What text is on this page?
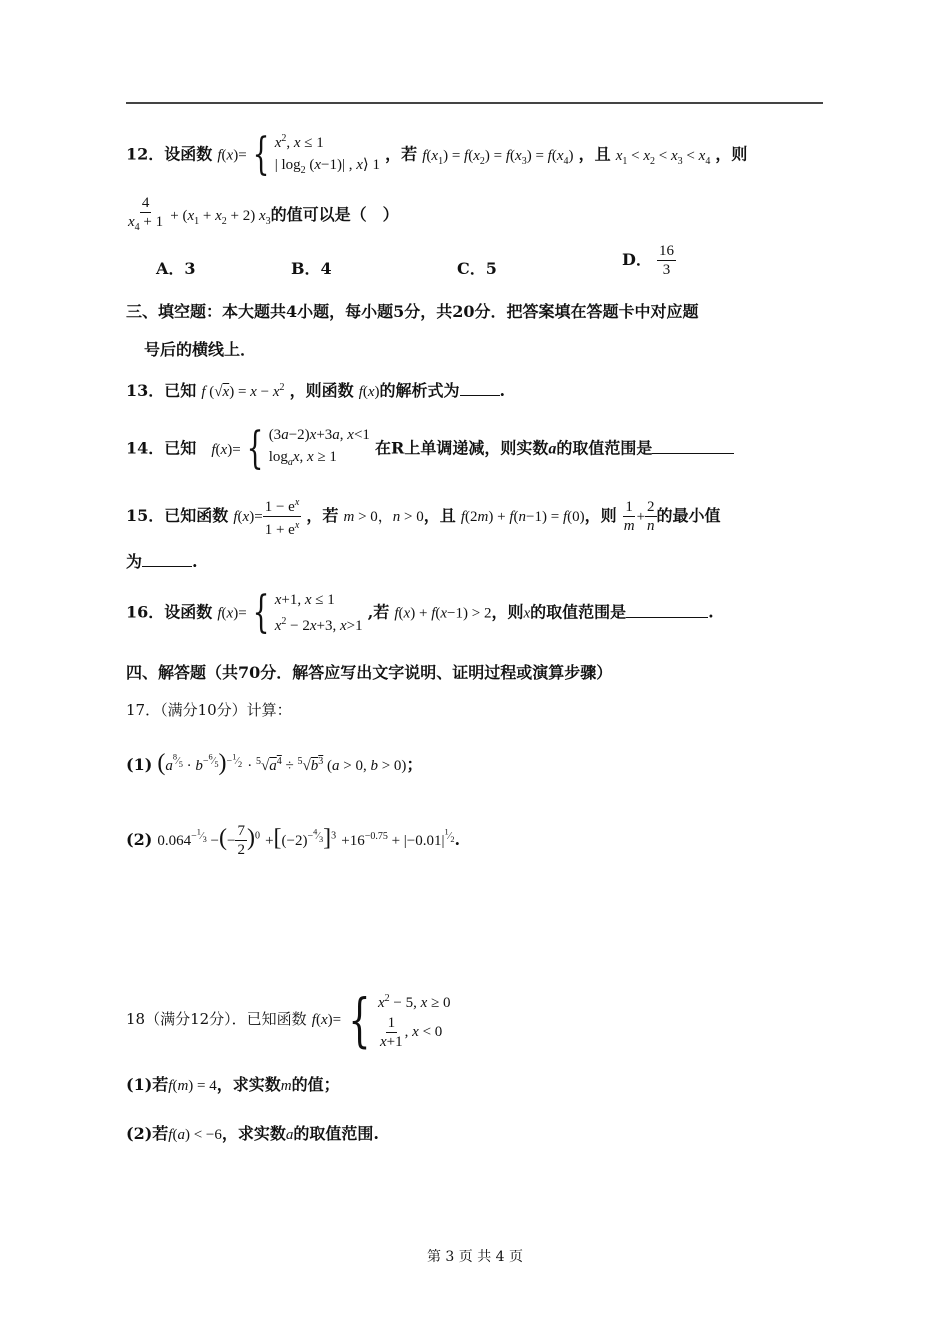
12．设函数 f(x)= { $x^2$, x ≤ 1
| $\log_2 (x-1)|$ , x⟩ 1
，若 $f(x_1) = f(x_2) = f(x_3) = f(x_4)$ ，且 $x_1 < x_2 < x_3 < x_4$ ，则
$\frac{4}{x_4 + 1} + (x_1 + x_2 + 2)$ $x_3$的值可以是（　）
A．3	B．4	C．5	D． $\frac{16}{3}$
三、填空题：本大题共4小题，每小题5分，共20分．把答案填在答题卡中对应题
号后的横线上．
13．已知 f $(√x) = x - x^2$ ，则函数 f(x)的解析式为	.
14．已知 f(x)= { (3a−2)x+3a, x<1
$\log_ax$, x ≥ 1	在R上单调递减，则实数a的取值范围是
15．已知函数 $f(x)= \frac{1 - e^x}{1 + e^x}$ ，若 m > 0，n > 0，且 f(2m) + f(n−1) = f(0)，则 $\frac{1}{m} + \frac{2}{n}$ 的最小值
为	.
16．设函数 f(x)= { x+1, x ≤ 1
$x^2 - 2x+3$, x>1
,若 f(x) + f(x−1) > 2，则x的取值范围是	.
四、解答题（共70分．解答应写出文字说明、证明过程或演算步骤）
17．（满分10分）计算：
(1) $(a^{^8⁄_5} \cdot b^{-^6⁄_5})^{-^1⁄_2} \cdot ^5√a^4 \div ^5√b^3$ (a > 0, b > 0)；
(2) $0.064^{-^1⁄_3}$ −(− $\frac{7}{2} )^0 +[(-2)^{-^4⁄_3}]^3 +16^{-0.75} + |-0.01|^{^1⁄_2}$.
18（满分12分）．已知函数 f(x)= { $x^2 - 5$, x ≥ 0
$\frac{1}{x+1}$ , x < 0
(1)若f(m) = 4，求实数m的值；
(2)若f(a) < −6，求实数a的取值范围.
第 3 页 共 4 页
